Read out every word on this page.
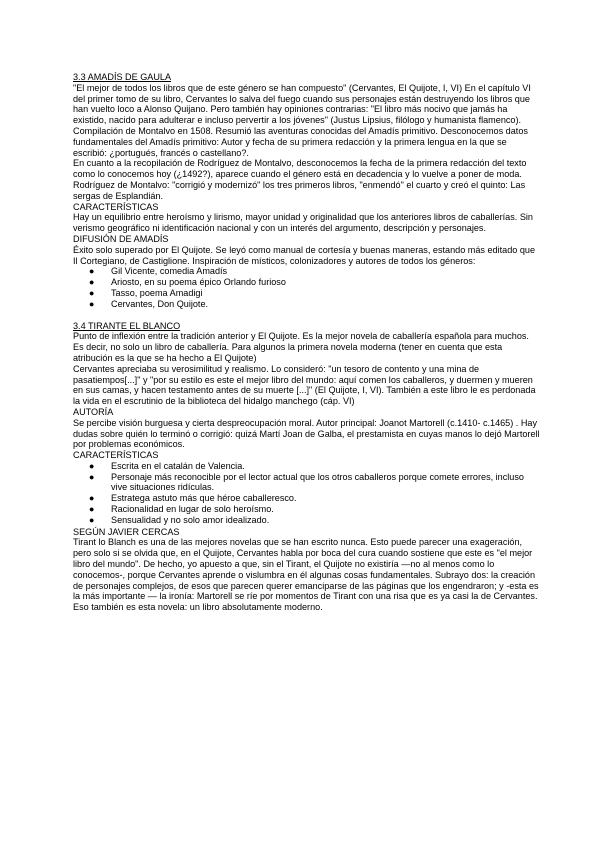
3.3 AMADÍS DE GAULA

"El mejor de todos los libros que de este género se han compuesto" (Cervantes, El Quijote, I, VI) En el capítulo VI del primer tomo de su libro, Cervantes lo salva del fuego cuando sus personajes están destruyendo los libros que han vuelto loco a Alonso Quijano. Pero también hay opiniones contrarias: "El libro más nocivo que jamás ha existido, nacido para adulterar e incluso pervertir a los jóvenes" (Justus Lipsius, filólogo y humanista flamenco).

Compilación de Montalvo en 1508. Resumió las aventuras conocidas del Amadís primitivo. Desconocemos datos fundamentales del Amadís primitivo: Autor y fecha de su primera redacción y la primera lengua en la que se escribió: ¿portugués, francés o castellano?.

En cuanto a la recopilación de Rodríguez de Montalvo, desconocemos la fecha de la primera redacción del texto como lo conocemos hoy (¿1492?), aparece cuando el género está en decadencia y lo vuelve a poner de moda.

Rodríguez de Montalvo: "corrigió y modernizó" los tres primeros libros, "enmendó" el cuarto y creó el quinto: Las sergas de Esplandián.

CARACTERÍSTICAS

Hay un equilibrio entre heroísmo y lirismo, mayor unidad y originalidad que los anteriores libros de caballerías. Sin verismo geográfico ni identificación nacional y con un interés del argumento, descripción y personajes.

DIFUSIÓN DE AMADÍS

Éxito solo superado por El Quijote. Se leyó como manual de cortesía y buenas maneras, estando más editado que Il Cortegiano, de Castiglione. Inspiración de místicos, colonizadores y autores de todos los géneros:

● Gil Vicente, comedia Amadís
● Ariosto, en su poema épico Orlando furioso
● Tasso, poema Amadigi
● Cervantes, Don Quijote.

3.4 TIRANTE EL BLANCO

Punto de inflexión entre la tradición anterior y El Quijote. Es la mejor novela de caballería española para muchos. Es decir, no solo un libro de caballería. Para algunos la primera novela moderna (tener en cuenta que esta atribución es la que se ha hecho a El Quijote)

Cervantes apreciaba su verosimilitud y realismo. Lo consideró: "un tesoro de contento y una mina de pasatiempos[...]" y "por su estilo es este el mejor libro del mundo: aquí comen los caballeros, y duermen y mueren en sus camas, y hacen testamento antes de su muerte [...]" (El Quijote, I, VI). También a este libro le es perdonada la vida en el escrutinio de la biblioteca del hidalgo manchego (cáp. VI)

AUTORÍA

Se percibe visión burguesa y cierta despreocupación moral. Autor principal: Joanot Martorell (c.1410- c.1465) . Hay dudas sobre quién lo terminó o corrigió: quizá Martí Joan de Galba, el prestamista en cuyas manos lo dejó Martorell por problemas económicos.

CARACTERÍSTICAS

● Escrita en el catalán de Valencia.
● Personaje más reconocible por el lector actual que los otros caballeros porque comete errores, incluso vive situaciones ridículas.
● Estratega astuto más que héroe caballeresco.
● Racionalidad en lugar de solo heroísmo.
● Sensualidad y no solo amor idealizado.

SEGÚN JAVIER CERCAS

Tirant lo Blanch es una de las mejores novelas que se han escrito nunca. Esto puede parecer una exageración, pero solo si se olvida que, en el Quijote, Cervantes habla por boca del cura cuando sostiene que este es "el mejor libro del mundo". De hecho, yo apuesto a que, sin el Tirant, el Quijote no existiría —no al menos como lo conocemos-, porque Cervantes aprende o vislumbra en él algunas cosas fundamentales. Subrayo dos: la creación de personajes complejos, de esos que parecen querer emanciparse de las páginas que los engendraron; y -esta es la más importante — la ironía: Martorell se ríe por momentos de Tirant con una risa que es ya casi la de Cervantes. Eso también es esta novela: un libro absolutamente moderno.
